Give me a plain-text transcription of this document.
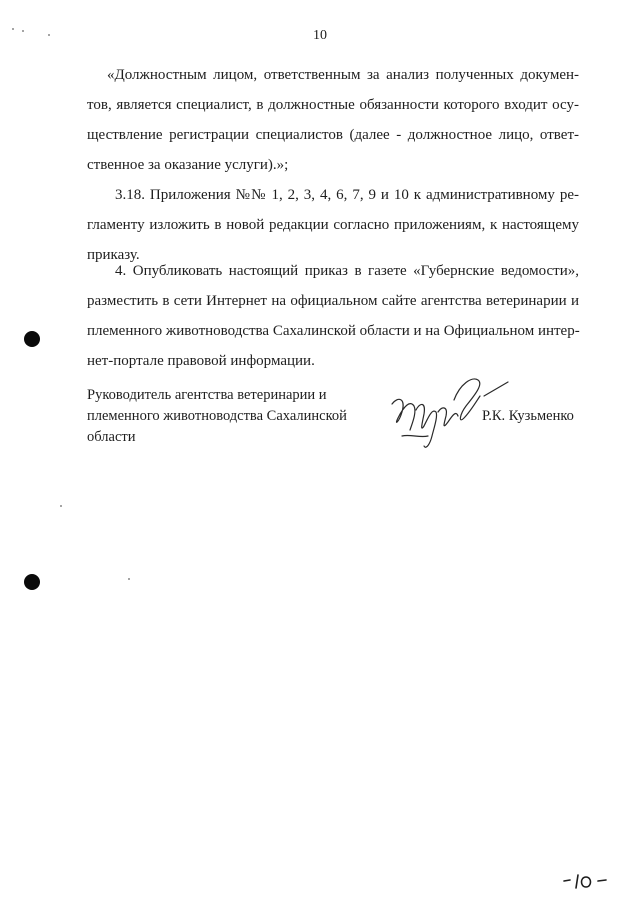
10
«Должностным лицом, ответственным за анализ полученных докумен-
тов, является специалист, в должностные обязанности которого входит осу-
ществление регистрации специалистов (далее - должностное лицо, ответ-
ственное за оказание услуги).»;
3.18. Приложения №№ 1, 2, 3, 4, 6, 7, 9 и 10 к административному ре-
гламенту изложить в новой редакции согласно приложениям, к настоящему
приказу.
4. Опубликовать настоящий приказ в газете «Губернские ведомости»,
разместить в сети Интернет на официальном сайте агентства ветеринарии и
племенного животноводства Сахалинской области и на Официальном интер-
нет-портале правовой информации.
Руководитель агентства ветеринарии и
племенного животноводства Сахалинской
области
Р.К. Кузьменко
